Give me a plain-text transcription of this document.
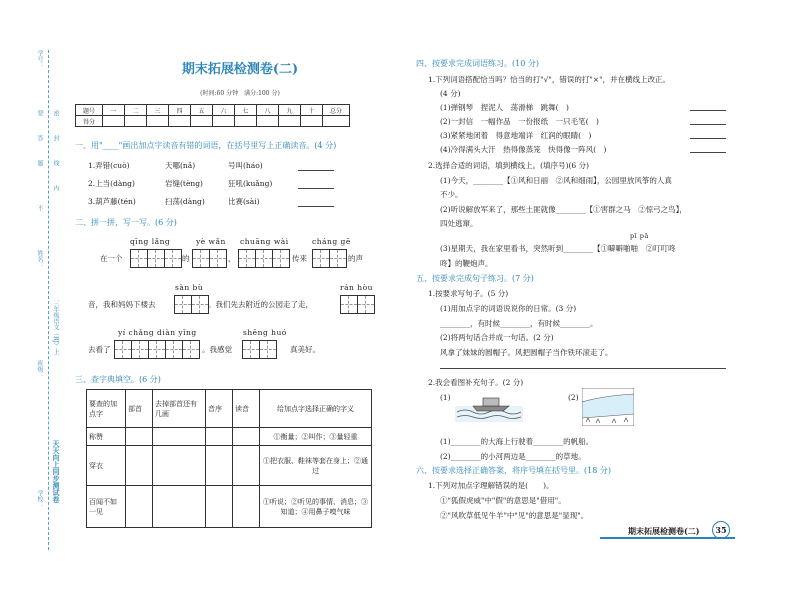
学号：
密
封
线
内
不
要
答
题
姓名：
三年级语文（RJ）上
班级：
天天向上同步测试卷
学校：
期末拓展检测卷(二)
(时间:60 分钟　满分:100 分)
题号	一	二	三	四	五	六	七	八	九	十	总分
得分											
一、用"____"画出加点字读音有错的词语，在括号里写上正确读音。(4 分)
1.弄错(cuò)	天哪(nǎ)	号叫(háo)
2.上当(dàng)	岩缝(tèng)	狂吼(kuǎng)
3.葫芦藤(tén)	扫荡(dàng)	比赛(sài)
二、拼一拼，写一写。(6 分)
qīng lǎng	yè wǎn chuāng wài	cháng gē
在一个	的	，	传来	的声
sàn bù	rán hòu
音，我和妈妈下楼去	。我们先去附近的公园走了走，
yí chǎng diàn yǐng	shēng huó
去看了	。我感觉	真美好。
三、查字典填空。(6 分)
要查的加点字	部首	去掉部首还有几画	音序	读音	给加点字选择正确的字义
称赞					①衡量；②叫作；③量轻重
穿衣					①把衣服、鞋袜等套在身上；②通过
百闻不如一见					①听说；②听见的事情、消息；③知道；④用鼻子嗅气味
四、按要求完成词语练习。(10 分)
1.下列词语搭配恰当吗？恰当的打"√"，错误的打"×"，并在横线上改正。
(4 分)
(1)弹钢琴　捏泥人　荡滑梯　跳舞(　)
(2)一封信　一幅作品　一份报纸　一只毛笔(　)
(3)紧紧地闭着　得意地端详　红润的眼睛(　)
(4)冷得满头大汗　热得像蒸笼　快得像一阵风(　)
2.选择合适的词语，填到横线上。(填序号)(6 分)
(1)今天，________【①风和日丽　②风和细雨】，公园里放风筝的人真
不少。
(2)听说解放军来了，那些土匪就像________【①害群之马　②惊弓之鸟】，
四处逃窜。
pī pā
(3)星期天，我在家里看书，突然听到________【①噼噼啪啪　②叮叮咚
咚】的鞭炮声。
五、按要求完成句子练习。(7 分)
1.按要求写句子。(5 分)
(1)用加点字的词语说说你的日常。(3 分)
________，有时候________，有时候________。
(2)将两句话合并成一句话。(2 分)
风拿了妹妹的圆帽子。风把圆帽子当作铁环滚走了。
2.我会看图补充句子。(2 分)
(1)	(2)
(1)________的大海上行驶着________的帆船。
(2)________的小河两边是________的草地。
六、按要求选择正确答案，将序号填在括号里。(18 分)
1.下列对加点字理解错误的是(　　)。
①"狐假虎威"中"假"的意思是"借用"。
②"风吹草低见牛羊"中"见"的意思是"显现"。
期末拓展检测卷(二)	35
